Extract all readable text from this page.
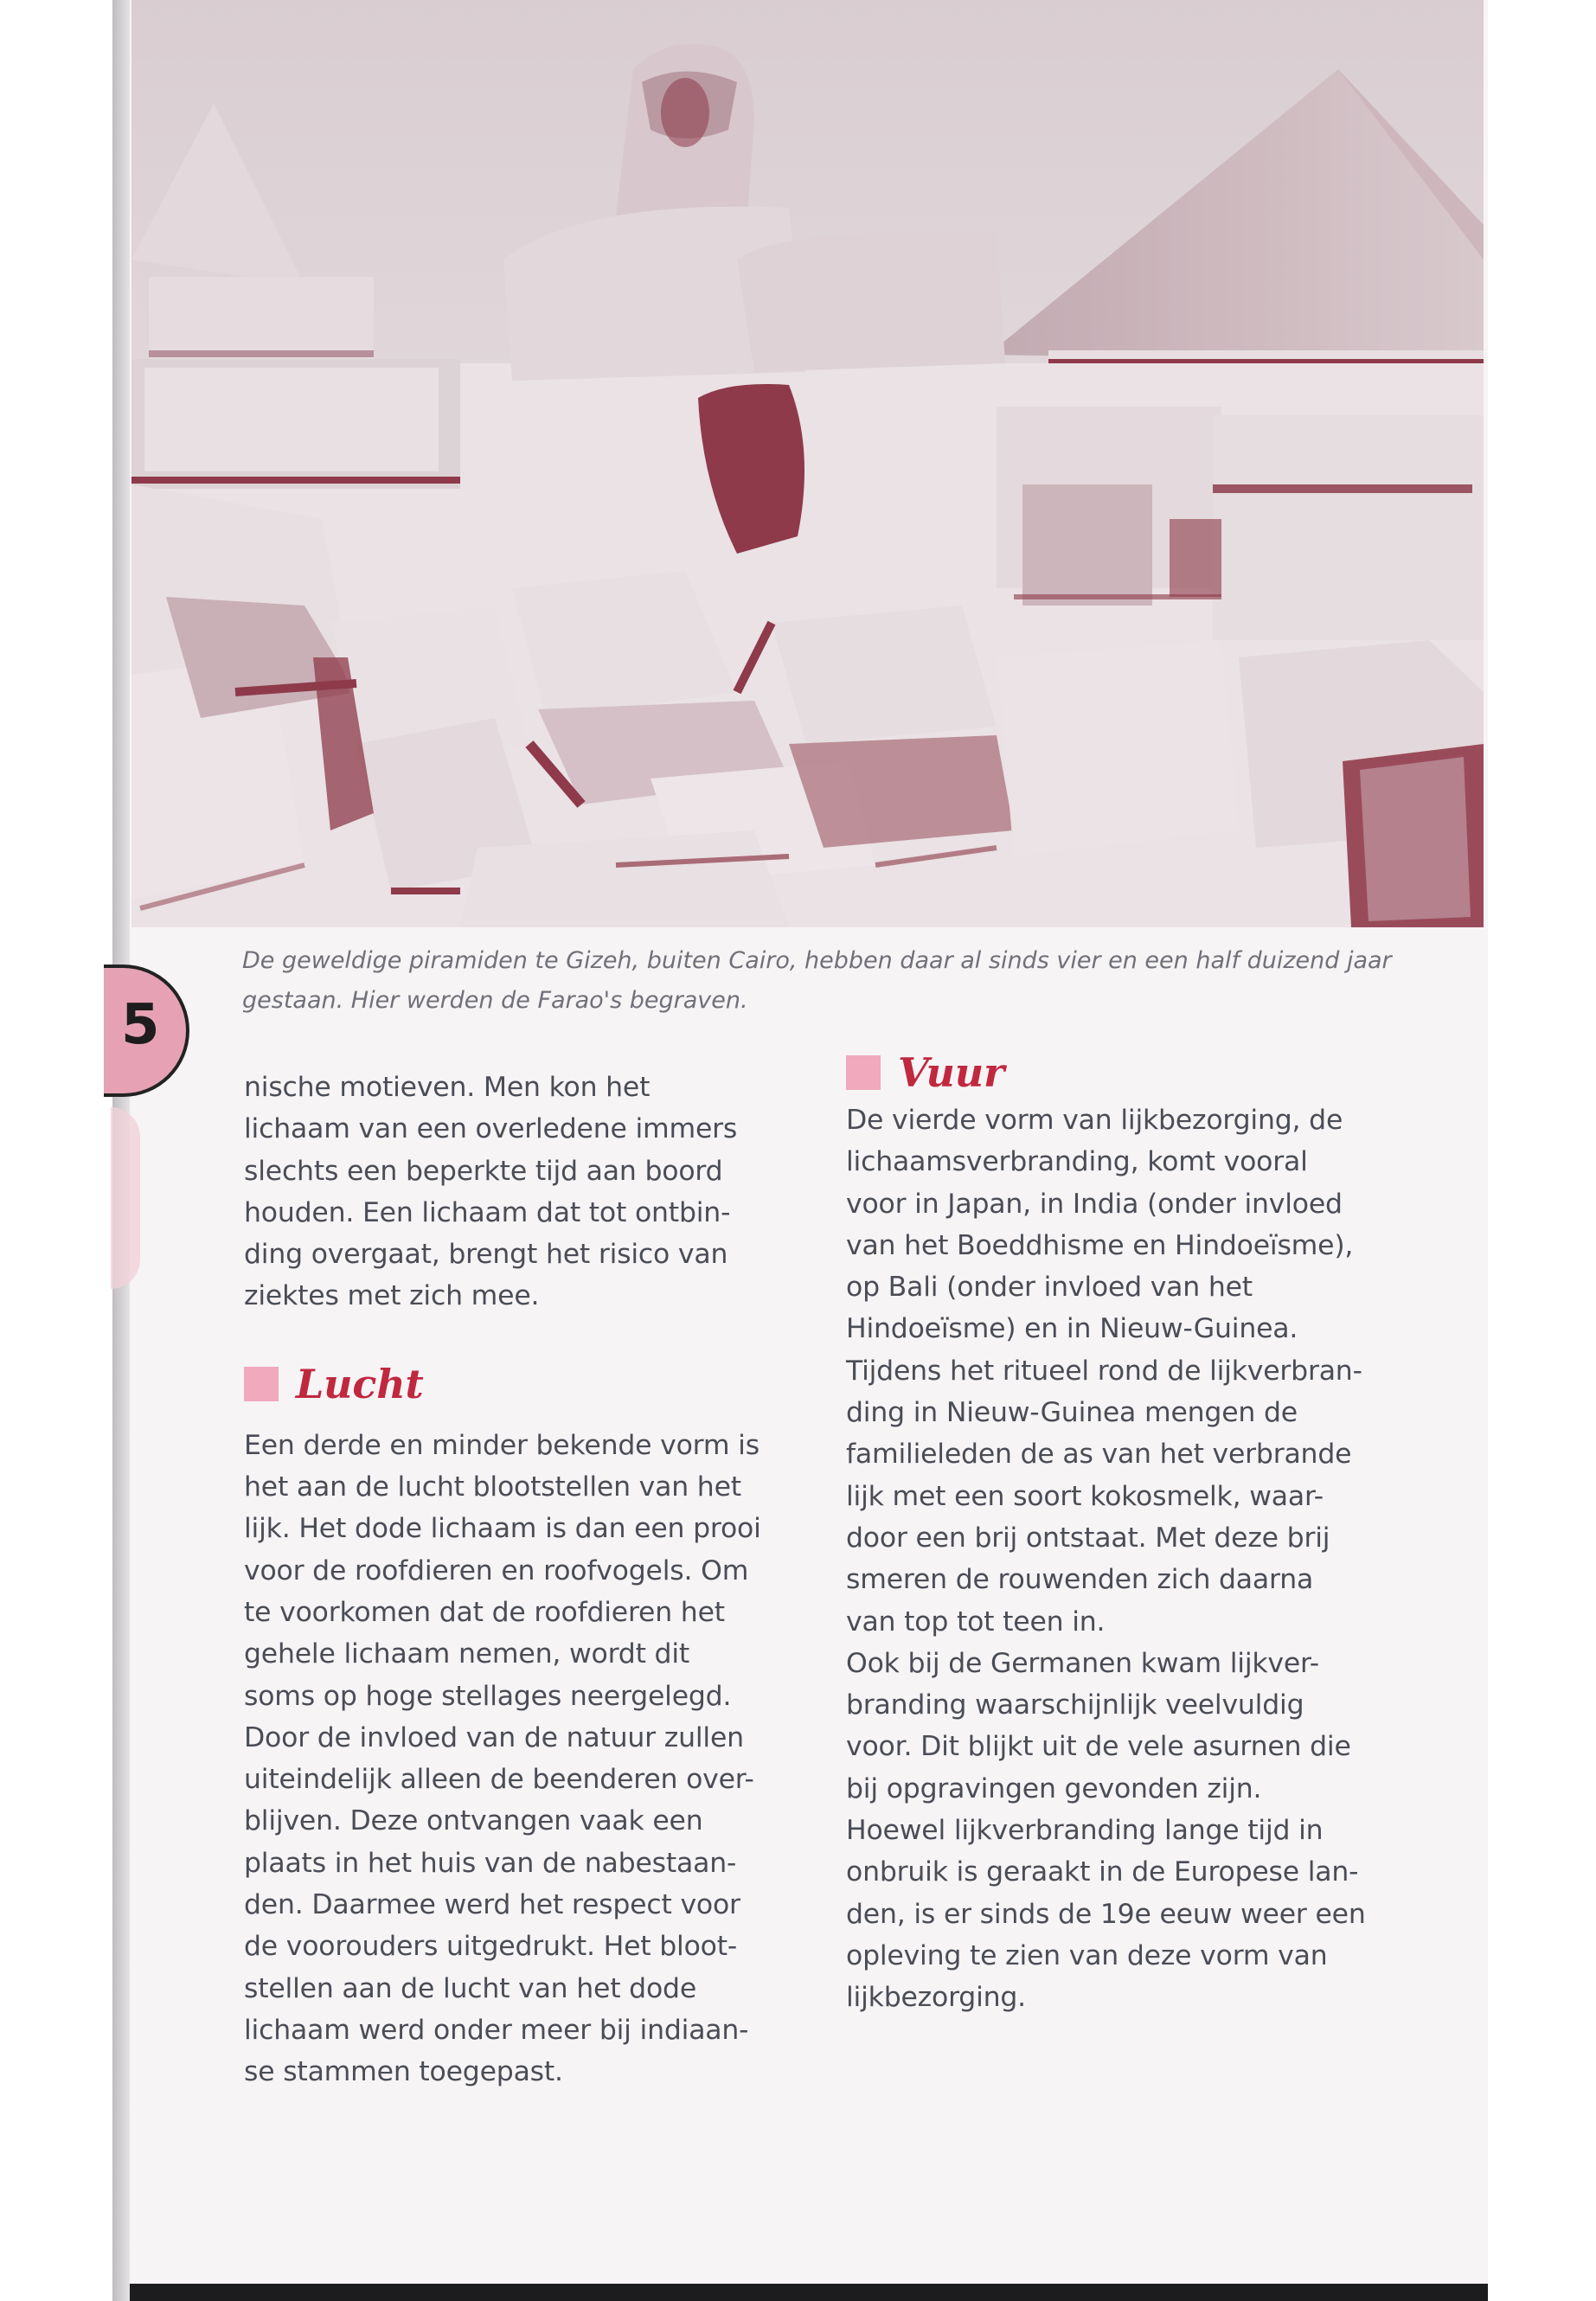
5

De geweldige piramiden te Gizeh, buiten Cairo, hebben daar al sinds vier en een half duizend jaar
gestaan. Hier werden de Farao's begraven.

nische motieven. Men kon het
lichaam van een overledene immers
slechts een beperkte tijd aan boord
houden. Een lichaam dat tot ontbin-
ding overgaat, brengt het risico van
ziektes met zich mee.

Lucht

Een derde en minder bekende vorm is
het aan de lucht blootstellen van het
lijk. Het dode lichaam is dan een prooi
voor de roofdieren en roofvogels. Om
te voorkomen dat de roofdieren het
gehele lichaam nemen, wordt dit
soms op hoge stellages neergelegd.
Door de invloed van de natuur zullen
uiteindelijk alleen de beenderen over-
blijven. Deze ontvangen vaak een
plaats in het huis van de nabestaan-
den. Daarmee werd het respect voor
de voorouders uitgedrukt. Het bloot-
stellen aan de lucht van het dode
lichaam werd onder meer bij indiaan-
se stammen toegepast.

Vuur

De vierde vorm van lijkbezorging, de
lichaamsverbranding, komt vooral
voor in Japan, in India (onder invloed
van het Boeddhisme en Hindoeïsme),
op Bali (onder invloed van het
Hindoeïsme) en in Nieuw-Guinea.
Tijdens het ritueel rond de lijkverbran-
ding in Nieuw-Guinea mengen de
familieleden de as van het verbrande
lijk met een soort kokosmelk, waar-
door een brij ontstaat. Met deze brij
smeren de rouwenden zich daarna
van top tot teen in.
Ook bij de Germanen kwam lijkver-
branding waarschijnlijk veelvuldig
voor. Dit blijkt uit de vele asurnen die
bij opgravingen gevonden zijn.
Hoewel lijkverbranding lange tijd in
onbruik is geraakt in de Europese lan-
den, is er sinds de 19e eeuw weer een
opleving te zien van deze vorm van
lijkbezorging.
